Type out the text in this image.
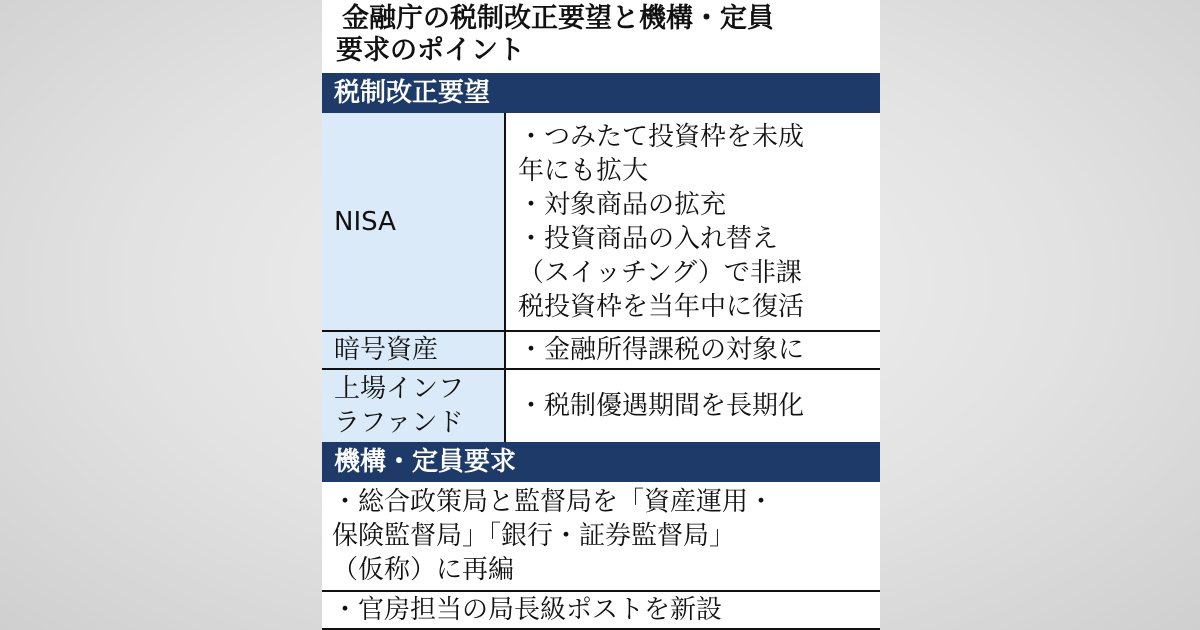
金融庁の税制改正要望と機構・定員
要求のポイント
税制改正要望
NISA
・つみたて投資枠を未成
年にも拡大
・対象商品の拡充
・投資商品の入れ替え
（スイッチング）で非課
税投資枠を当年中に復活
暗号資産	・金融所得課税の対象に
上場インフ
ラファンド
・税制優遇期間を長期化
機構・定員要求
・総合政策局と監督局を「資産運用・
保険監督局」「銀行・証券監督局」
（仮称）に再編
・官房担当の局長級ポストを新設
